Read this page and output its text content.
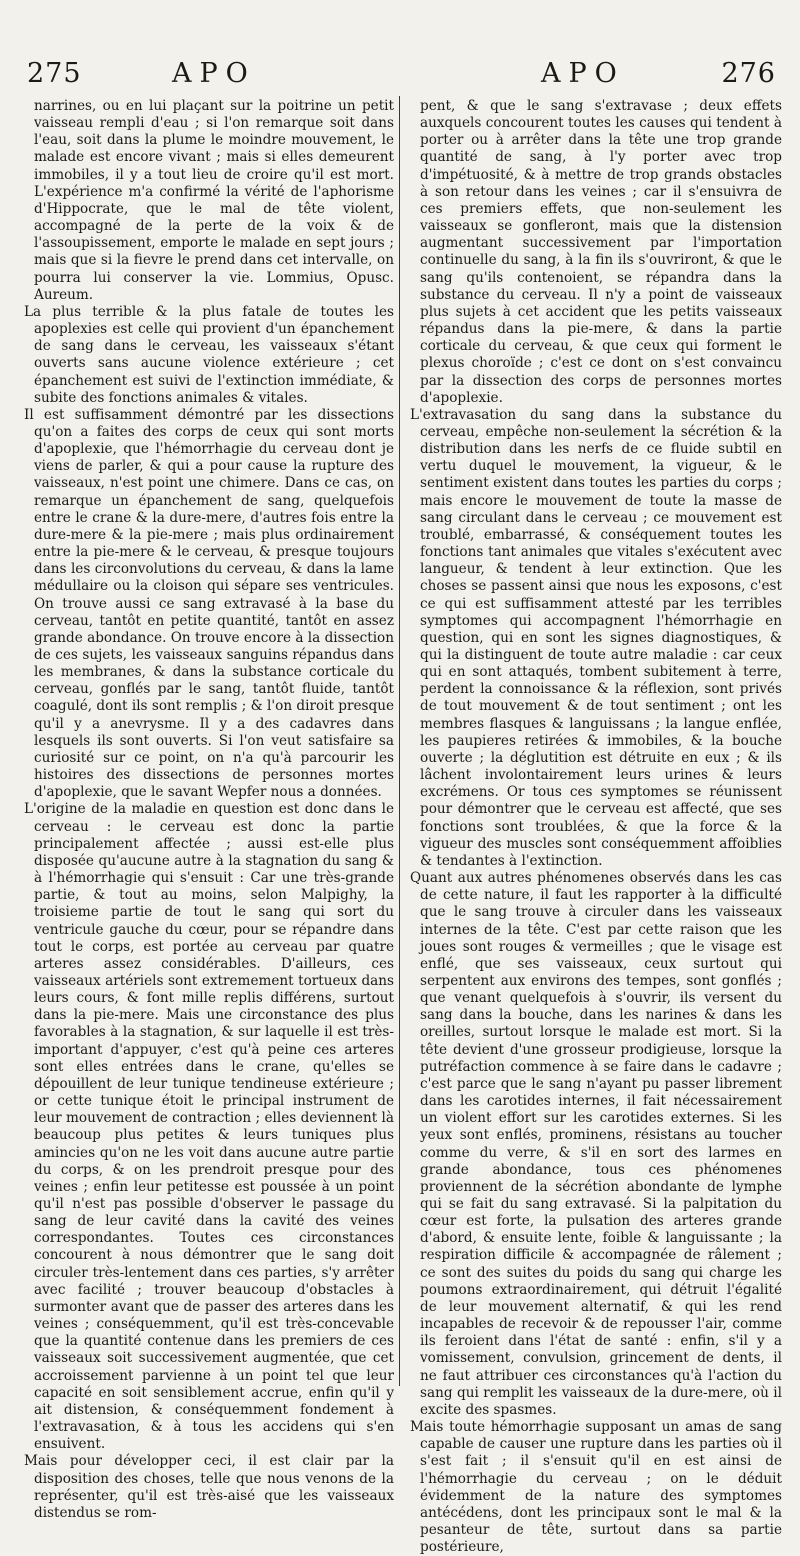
275	APO	APO	276

narrines, ou en lui plaçant sur la poitrine un petit vaisseau rempli d'eau ; si l'on remarque soit dans l'eau, soit dans la plume le moindre mouvement, le malade est encore vivant ; mais si elles demeurent immobiles, il y a tout lieu de croire qu'il est mort. L'expérience m'a confirmé la vérité de l'aphorisme d'Hippocrate, que le mal de tête violent, accompagné de la perte de la voix & de l'assoupissement, emporte le malade en sept jours ; mais que si la fievre le prend dans cet intervalle, on pourra lui conserver la vie. Lommius, Opusc. Aureum.

La plus terrible & la plus fatale de toutes les apoplexies est celle qui provient d'un épanchement de sang dans le cerveau, les vaisseaux s'étant ouverts sans aucune violence extérieure ; cet épanchement est suivi de l'extinction immédiate, & subite des fonctions animales & vitales.

Il est suffisamment démontré par les dissections qu'on a faites des corps de ceux qui sont morts d'apoplexie, que l'hémorrhagie du cerveau dont je viens de parler, & qui a pour cause la rupture des vaisseaux, n'est point une chimere. Dans ce cas, on remarque un épanchement de sang, quelquefois entre le crane & la dure-mere, d'autres fois entre la dure-mere & la pie-mere ; mais plus ordinairement entre la pie-mere & le cerveau, & presque toujours dans les circonvolutions du cerveau, & dans la lame médullaire ou la cloison qui sépare ses ventricules. On trouve aussi ce sang extravasé à la base du cerveau, tantôt en petite quantité, tantôt en assez grande abondance. On trouve encore à la dissection de ces sujets, les vaisseaux sanguins répandus dans les membranes, & dans la substance corticale du cerveau, gonflés par le sang, tantôt fluide, tantôt coagulé, dont ils sont remplis ; & l'on diroit presque qu'il y a anevrysme. Il y a des cadavres dans lesquels ils sont ouverts. Si l'on veut satisfaire sa curiosité sur ce point, on n'a qu'à parcourir les histoires des dissections de personnes mortes d'apoplexie, que le savant Wepfer nous a données.

L'origine de la maladie en question est donc dans le cerveau : le cerveau est donc la partie principalement affectée ; aussi est-elle plus disposée qu'aucune autre à la stagnation du sang & à l'hémorrhagie qui s'ensuit : Car une très-grande partie, & tout au moins, selon Malpighy, la troisieme partie de tout le sang qui sort du ventricule gauche du cœur, pour se répandre dans tout le corps, est portée au cerveau par quatre arteres assez considérables. D'ailleurs, ces vaisseaux artériels sont extremement tortueux dans leurs cours, & font mille replis différens, surtout dans la pie-mere. Mais une circonstance des plus favorables à la stagnation, & sur laquelle il est très-important d'appuyer, c'est qu'à peine ces arteres sont elles entrées dans le crane, qu'elles se dépouillent de leur tunique tendineuse extérieure ; or cette tunique étoit le principal instrument de leur mouvement de contraction ; elles deviennent là beaucoup plus petites & leurs tuniques plus amincies qu'on ne les voit dans aucune autre partie du corps, & on les prendroit presque pour des veines ; enfin leur petitesse est poussée à un point qu'il n'est pas possible d'observer le passage du sang de leur cavité dans la cavité des veines correspondantes. Toutes ces circonstances concourent à nous démontrer que le sang doit circuler très-lentement dans ces parties, s'y arrêter avec facilité ; trouver beaucoup d'obstacles à surmonter avant que de passer des arteres dans les veines ; conséquemment, qu'il est très-concevable que la quantité contenue dans les premiers de ces vaisseaux soit successivement augmentée, que cet accroissement parvienne à un point tel que leur capacité en soit sensiblement accrue, enfin qu'il y ait distension, & conséquemment fondement à l'extravasation, & à tous les accidens qui s'en ensuivent.

Mais pour développer ceci, il est clair par la disposition des choses, telle que nous venons de la représenter, qu'il est très-aisé que les vaisseaux distendus se rom-

pent, & que le sang s'extravase ; deux effets auxquels concourent toutes les causes qui tendent à porter ou à arrêter dans la tête une trop grande quantité de sang, à l'y porter avec trop d'impétuosité, & à mettre de trop grands obstacles à son retour dans les veines ; car il s'ensuivra de ces premiers effets, que non-seulement les vaisseaux se gonfleront, mais que la distension augmentant successivement par l'importation continuelle du sang, à la fin ils s'ouvriront, & que le sang qu'ils contenoient, se répandra dans la substance du cerveau. Il n'y a point de vaisseaux plus sujets à cet accident que les petits vaisseaux répandus dans la pie-mere, & dans la partie corticale du cerveau, & que ceux qui forment le plexus choroïde ; c'est ce dont on s'est convaincu par la dissection des corps de personnes mortes d'apoplexie.

L'extravasation du sang dans la substance du cerveau, empêche non-seulement la sécrétion & la distribution dans les nerfs de ce fluide subtil en vertu duquel le mouvement, la vigueur, & le sentiment existent dans toutes les parties du corps ; mais encore le mouvement de toute la masse de sang circulant dans le cerveau ; ce mouvement est troublé, embarrassé, & conséquement toutes les fonctions tant animales que vitales s'exécutent avec langueur, & tendent à leur extinction. Que les choses se passent ainsi que nous les exposons, c'est ce qui est suffisamment attesté par les terribles symptomes qui accompagnent l'hémorrhagie en question, qui en sont les signes diagnostiques, & qui la distinguent de toute autre maladie : car ceux qui en sont attaqués, tombent subitement à terre, perdent la connoissance & la réflexion, sont privés de tout mouvement & de tout sentiment ; ont les membres flasques & languissans ; la langue enflée, les paupieres retirées & immobiles, & la bouche ouverte ; la déglutition est détruite en eux ; & ils lâchent involontairement leurs urines & leurs excrémens. Or tous ces symptomes se réunissent pour démontrer que le cerveau est affecté, que ses fonctions sont troublées, & que la force & la vigueur des muscles sont conséquemment affoiblies & tendantes à l'extinction.

Quant aux autres phénomenes observés dans les cas de cette nature, il faut les rapporter à la difficulté que le sang trouve à circuler dans les vaisseaux internes de la tête. C'est par cette raison que les joues sont rouges & vermeilles ; que le visage est enflé, que ses vaisseaux, ceux surtout qui serpentent aux environs des tempes, sont gonflés ; que venant quelquefois à s'ouvrir, ils versent du sang dans la bouche, dans les narines & dans les oreilles, surtout lorsque le malade est mort. Si la tête devient d'une grosseur prodigieuse, lorsque la putréfaction commence à se faire dans le cadavre ; c'est parce que le sang n'ayant pu passer librement dans les carotides internes, il fait nécessairement un violent effort sur les carotides externes. Si les yeux sont enflés, prominens, résistans au toucher comme du verre, & s'il en sort des larmes en grande abondance, tous ces phénomenes proviennent de la sécrétion abondante de lymphe qui se fait du sang extravasé. Si la palpitation du cœur est forte, la pulsation des arteres grande d'abord, & ensuite lente, foible & languissante ; la respiration difficile & accompagnée de râlement ; ce sont des suites du poids du sang qui charge les poumons extraordinairement, qui détruit l'égalité de leur mouvement alternatif, & qui les rend incapables de recevoir & de repousser l'air, comme ils feroient dans l'état de santé : enfin, s'il y a vomissement, convulsion, grincement de dents, il ne faut attribuer ces circonstances qu'à l'action du sang qui remplit les vaisseaux de la dure-mere, où il excite des spasmes.

Mais toute hémorrhagie supposant un amas de sang capable de causer une rupture dans les parties où il s'est fait ; il s'ensuit qu'il en est ainsi de l'hémorrhagie du cerveau ; on le déduit évidemment de la nature des symptomes antécédens, dont les principaux sont le mal & la pesanteur de tête, surtout dans sa partie postérieure,
